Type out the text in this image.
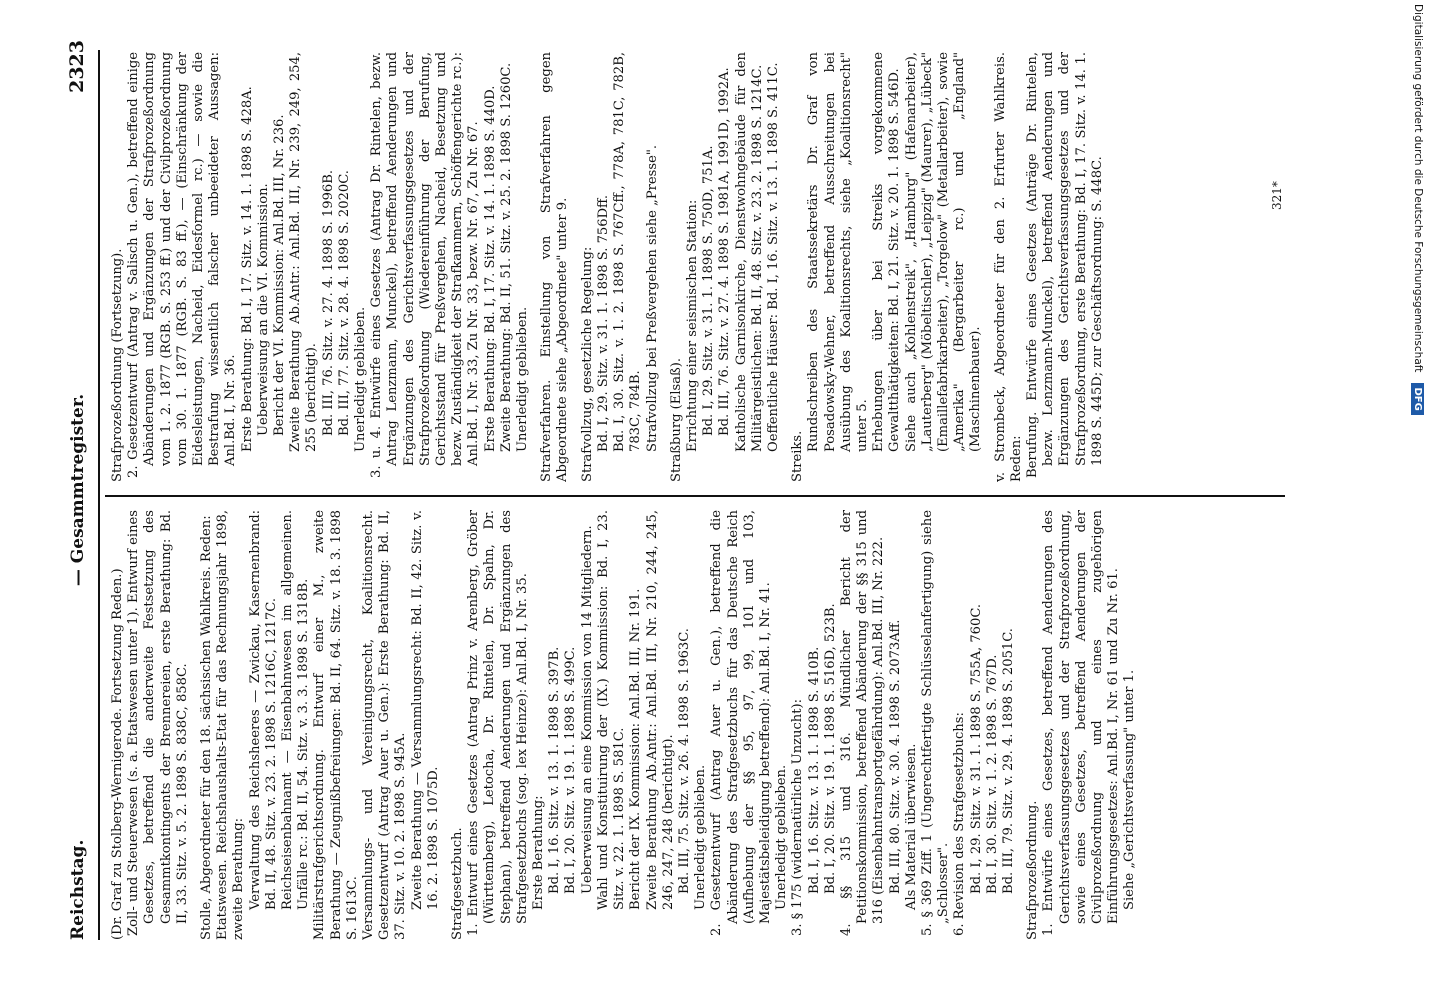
Reichstag.
— Gesammtregister.
2323

(Dr. Graf zu Stolberg-Wernigerode. Fortsetzung Reden.) Zoll- und Steuerwesen (s. a. Etatswesen unter 1). Entwurf eines Gesetzes, betreffend die anderweite Festsetzung des Gesammtkontingents der Brennereien, erste Berathung: Bd. II, 33. Sitz. v. 5. 2. 1898 S. 838C, 858C. Stolle, Abgeordneter für den 18. sächsischen Wahlkreis. Reden: Etatswesen. Reichshaushalts-Etat für das Rechnungsjahr 1898, zweite Berathung: Verwaltung des Reichsheeres — Zwickau, Kasernenbrand: Bd. II, 48. Sitz. v. 23. 2. 1898 S. 1216C, 1217C. Reichseisenbahnamt — Eisenbahnwesen im allgemeinen. Unfälle rc.: Bd. II, 54. Sitz. v. 3. 3. 1898 S. 1318B. Militärstrafgerichtsordnung. Entwurf einer M., zweite Berathung — Zeugnißbefreiungen: Bd. II, 64. Sitz. v. 18. 3. 1898 S. 1613C. Versammlungs- und Vereinigungsrecht, Koalitionsrecht. Gesetzentwurf (Antrag Auer u. Gen.): Erste Berathung: Bd. II, 37. Sitz. v. 10. 2. 1898 S. 945A. Zweite Berathung — Versammlungsrecht: Bd. II, 42. Sitz. v. 16. 2. 1898 S. 1075D. Strafgesetzbuch. 1. Entwurf eines Gesetzes (Antrag Prinz v. Arenberg, Gröber (Württemberg), Letocha, Dr. Rintelen, Dr. Spahn, Dr. Stephan), betreffend Aenderungen und Ergänzungen des Strafgesetzbuchs (sog. lex Heinze): Anl.Bd. I, Nr. 35. Erste Berathung: Bd. I, 16. Sitz. v. 13. 1. 1898 S. 397B. Bd. I, 20. Sitz. v. 19. 1. 1898 S. 499C. Ueberweisung an eine Kommission von 14 Mitgliedern. Wahl und Konstituirung der (IX.) Kommission: Bd. I, 23. Sitz. v. 22. 1. 1898 S. 581C. Bericht der IX. Kommission: Anl.Bd. III, Nr. 191. Zweite Berathung Ab.Antr.: Anl.Bd. III, Nr. 210, 244, 245, 246, 247, 248 (berichtigt). Bd. III, 75. Sitz. v. 26. 4. 1898 S. 1963C. Unerledigt geblieben. 2. Gesetzentwurf (Antrag Auer u. Gen.), betreffend die Abänderung des Strafgesetzbuchs für das Deutsche Reich (Aufhebung der §§ 95, 97, 99, 101 und 103, Majestätsbeleidigung betreffend): Anl.Bd. I, Nr. 41. Unerledigt geblieben. 3. § 175 (widernatürliche Unzucht): Bd. I, 16. Sitz. v. 13. 1. 1898 S. 410B. Bd. I, 20. Sitz. v. 19. 1. 1898 S. 516D, 523B. 4. §§ 315 und 316. Mündlicher Bericht der Petitionskommission, betreffend Abänderung der §§ 315 und 316 (Eisenbahntransportgefährdung): Anl.Bd. III, Nr. 222. Bd. III, 80. Sitz. v. 30. 4. 1898 S. 2073Aff. Als Material überwiesen. 5. § 369 Ziff. 1 (Ungerechtfertigte Schlüsselanfertigung) siehe „Schlosser". 6. Revision des Strafgesetzbuchs: Bd. I, 29. Sitz. v. 31. 1. 1898 S. 755A, 760C. Bd. I, 30. Sitz. v. 1. 2. 1898 S. 767D. Bd. III, 79. Sitz. v. 29. 4. 1898 S. 2051C. Strafprozeßordnung. 1. Entwürfe eines Gesetzes, betreffend Aenderungen des Gerichtsverfassungsgesetzes und der Strafprozeßordnung, sowie eines Gesetzes, betreffend Aenderungen der Civilprozeßordnung und eines zugehörigen Einführungsgesetzes: Anl.Bd. I, Nr. 61 und Zu Nr. 61. Siehe „Gerichtsverfassung" unter 1.

Strafprozeßordnung (Fortsetzung). 2. Gesetzentwurf (Antrag v. Salisch u. Gen.), betreffend einige Abänderungen und Ergänzungen der Strafprozeßordnung vom 1. 2. 1877 (RGB. S. 253 ff.) und der Civilprozeßordnung vom 30. 1. 1877 (RGB. S. 83 ff.), — (Einschränkung der Eidesleistungen, Nacheid, Eidesformel rc.) — sowie die Bestrafung wissentlich falscher unbeeideter Aussagen: Anl.Bd. I, Nr. 36. Erste Berathung: Bd. I, 17. Sitz. v. 14. 1. 1898 S. 428A. Ueberweisung an die VI. Kommission. Bericht der VI. Kommission: Anl.Bd. III, Nr. 236. Zweite Berathung Ab.Antr.: Anl.Bd. III, Nr. 239, 249, 254, 255 (berichtigt). Bd. III, 76. Sitz. v. 27. 4. 1898 S. 1996B. Bd. III, 77. Sitz. v. 28. 4. 1898 S. 2020C. Unerledigt geblieben. 3. u. 4. Entwürfe eines Gesetzes (Antrag Dr. Rintelen, bezw. Antrag Lenzmann, Munckel), betreffend Aenderungen und Ergänzungen des Gerichtsverfassungsgesetzes und der Strafprozeßordnung (Wiedereinführung der Berufung, Gerichtsstand für Preßvergehen, Nacheid, Besetzung und bezw. Zuständigkeit der Strafkammern, Schöffengerichte rc.): Anl.Bd. I, Nr. 33, Zu Nr. 33, bezw. Nr. 67, Zu Nr. 67. Erste Berathung: Bd. I, 17. Sitz. v. 14. 1. 1898 S. 440D. Zweite Berathung: Bd. II, 51. Sitz. v. 25. 2. 1898 S. 1260C. Unerledigt geblieben. Strafverfahren. Einstellung von Strafverfahren gegen Abgeordnete siehe „Abgeordnete" unter 9. Strafvollzug, gesetzliche Regelung: Bd. I, 29. Sitz. v. 31. 1. 1898 S. 756Dff. Bd. I, 30. Sitz. v. 1. 2. 1898 S. 767Cff., 778A, 781C, 782B, 783C, 784B. Strafvollzug bei Preßvergehen siehe „Presse". Straßburg (Elsaß). Errichtung einer seismischen Station: Bd. I, 29. Sitz. v. 31. 1. 1898 S. 750D, 751A. Bd. III, 76. Sitz. v. 27. 4. 1898 S. 1981A, 1991D, 1992A. Katholische Garnisonkirche, Dienstwohngebäude für den Militärgeistlichen: Bd. II, 48. Sitz. v. 23. 2. 1898 S. 1214C. Oeffentliche Häuser: Bd. I, 16. Sitz. v. 13. 1. 1898 S. 411C.

Streiks.

Rundschreiben des Staatssekretärs Dr. Graf von Posadowsky-Wehner, betreffend Ausschreitungen bei Ausübung des Koalitionsrechts, siehe „Koalitionsrecht" unter 5. Erhebungen über bei Streiks vorgekommene Gewaltthätigkeiten: Bd. I, 21. Sitz. v. 20. 1. 1898 S. 546D. Siehe auch „Kohlenstreik", „Hamburg" (Hafenarbeiter), „Lauterberg" (Möbeltischler), „Leipzig" (Maurer), „Lübeck" (Emaillefabrikarbeiter), „Torgelow" (Metallarbeiter), sowie „Amerika" (Bergarbeiter rc.) und „England" (Maschinenbauer). v. Strombeck, Abgeordneter für den 2. Erfurter Wahlkreis. Reden: Berufung. Entwürfe eines Gesetzes (Anträge Dr. Rintelen, bezw. Lenzmann-Munckel), betreffend Aenderungen und Ergänzungen des Gerichtsverfassungsgesetzes und der Strafprozeßordnung, erste Berathung: Bd. I, 17. Sitz. v. 14. 1. 1898 S. 445D; zur Geschäftsordnung: S. 448C.	321*	Digitalisierung gefördert durch die Deutsche Forschungsgemeinschaft DFG
